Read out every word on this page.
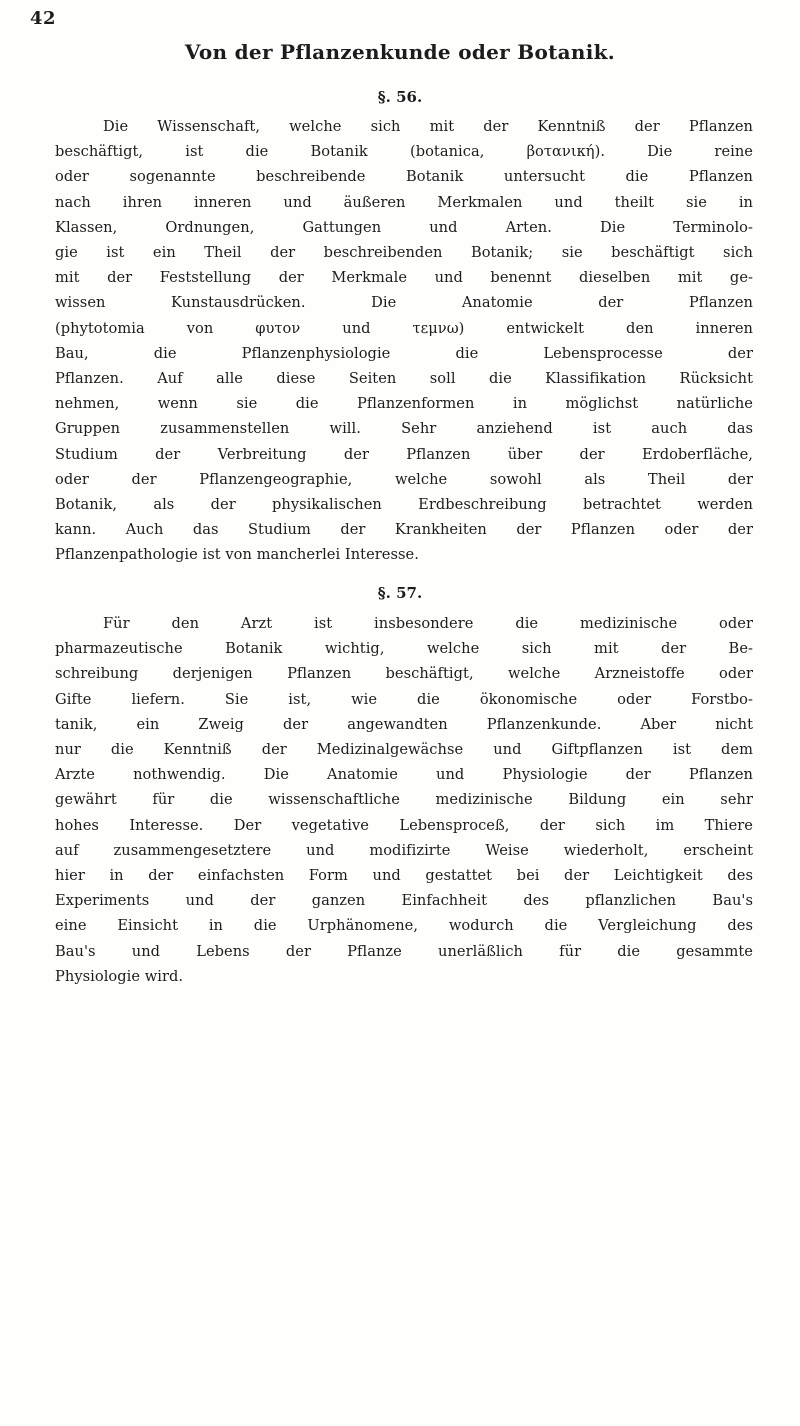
42
Von der Pflanzenkunde oder Botanik.
§. 56.
Die Wissenschaft, welche sich mit der Kenntniß der Pflanzen
beschäftigt, ist die Botanik (botanica, βοτανική). Die reine
oder sogenannte beschreibende Botanik untersucht die Pflanzen
nach ihren inneren und äußeren Merkmalen und theilt sie in
Klassen, Ordnungen, Gattungen und Arten. Die Terminolo-
gie ist ein Theil der beschreibenden Botanik; sie beschäftigt sich
mit der Feststellung der Merkmale und benennt dieselben mit ge-
wissen Kunstausdrücken. Die Anatomie der Pflanzen
(phytotomia von φυτον und τεμνω) entwickelt den inneren
Bau, die Pflanzenphysiologie die Lebensprocesse der
Pflanzen. Auf alle diese Seiten soll die Klassifikation Rücksicht
nehmen, wenn sie die Pflanzenformen in möglichst natürliche
Gruppen zusammenstellen will. Sehr anziehend ist auch das
Studium der Verbreitung der Pflanzen über der Erdoberfläche,
oder der Pflanzengeographie, welche sowohl als Theil der
Botanik, als der physikalischen Erdbeschreibung betrachtet werden
kann. Auch das Studium der Krankheiten der Pflanzen oder der
Pflanzenpathologie ist von mancherlei Interesse.
§. 57.
Für den Arzt ist insbesondere die medizinische oder
pharmazeutische Botanik wichtig, welche sich mit der Be-
schreibung derjenigen Pflanzen beschäftigt, welche Arzneistoffe oder
Gifte liefern. Sie ist, wie die ökonomische oder Forstbo-
tanik, ein Zweig der angewandten Pflanzenkunde. Aber nicht
nur die Kenntniß der Medizinalgewächse und Giftpflanzen ist dem
Arzte nothwendig. Die Anatomie und Physiologie der Pflanzen
gewährt für die wissenschaftliche medizinische Bildung ein sehr
hohes Interesse. Der vegetative Lebensproceß, der sich im Thiere
auf zusammengesetztere und modifizirte Weise wiederholt, erscheint
hier in der einfachsten Form und gestattet bei der Leichtigkeit des
Experiments und der ganzen Einfachheit des pflanzlichen Bau's
eine Einsicht in die Urphänomene, wodurch die Vergleichung des
Bau's und Lebens der Pflanze unerläßlich für die gesammte
Physiologie wird.
